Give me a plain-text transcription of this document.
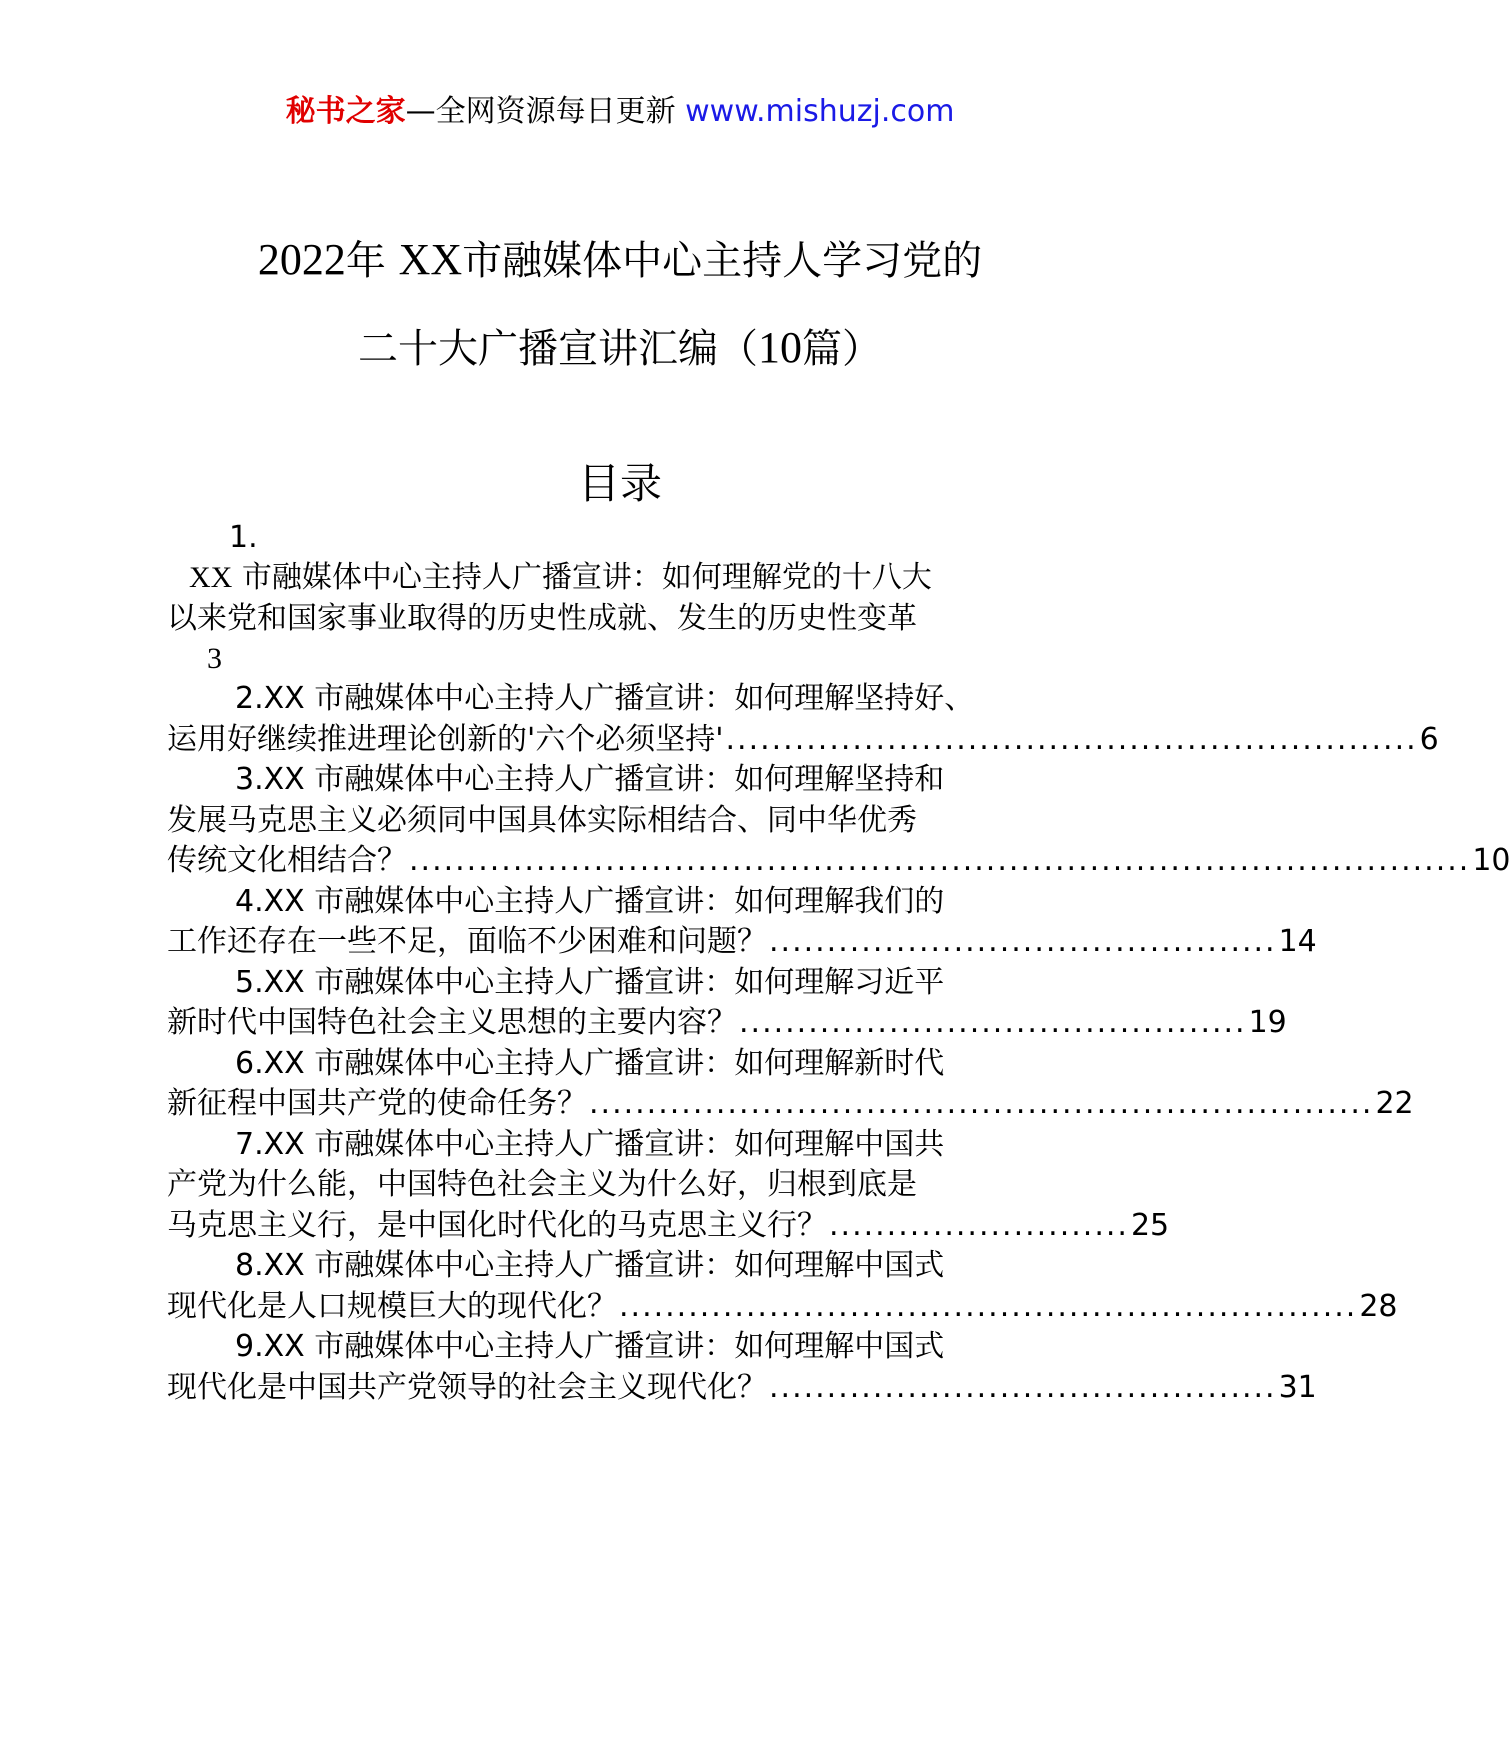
秘书之家—全网资源每日更新 www.mishuzj.com
2022年 XX市融媒体中心主持人学习党的
二十大广播宣讲汇编（10篇）
目录
1.
XX 市融媒体中心主持人广播宣讲：如何理解党的十八大
以来党和国家事业取得的历史性成就、发生的历史性变革
3
2.XX 市融媒体中心主持人广播宣讲：如何理解坚持好、
运用好继续推进理论创新的'六个必须坚持' ............................................................ 6
3.XX 市融媒体中心主持人广播宣讲：如何理解坚持和
发展马克思主义必须同中国具体实际相结合、同中华优秀
传统文化相结合？ ............................................................................................ 10
4.XX 市融媒体中心主持人广播宣讲：如何理解我们的
工作还存在一些不足，面临不少困难和问题？ ............................................ 14
5.XX 市融媒体中心主持人广播宣讲：如何理解习近平
新时代中国特色社会主义思想的主要内容？ ............................................ 19
6.XX 市融媒体中心主持人广播宣讲：如何理解新时代
新征程中国共产党的使命任务？ .................................................................... 22
7.XX 市融媒体中心主持人广播宣讲：如何理解中国共
产党为什么能，中国特色社会主义为什么好，归根到底是
马克思主义行，是中国化时代化的马克思主义行？ .......................... 25
8.XX 市融媒体中心主持人广播宣讲：如何理解中国式
现代化是人口规模巨大的现代化？ ................................................................ 28
9.XX 市融媒体中心主持人广播宣讲：如何理解中国式
现代化是中国共产党领导的社会主义现代化？ ............................................ 31
